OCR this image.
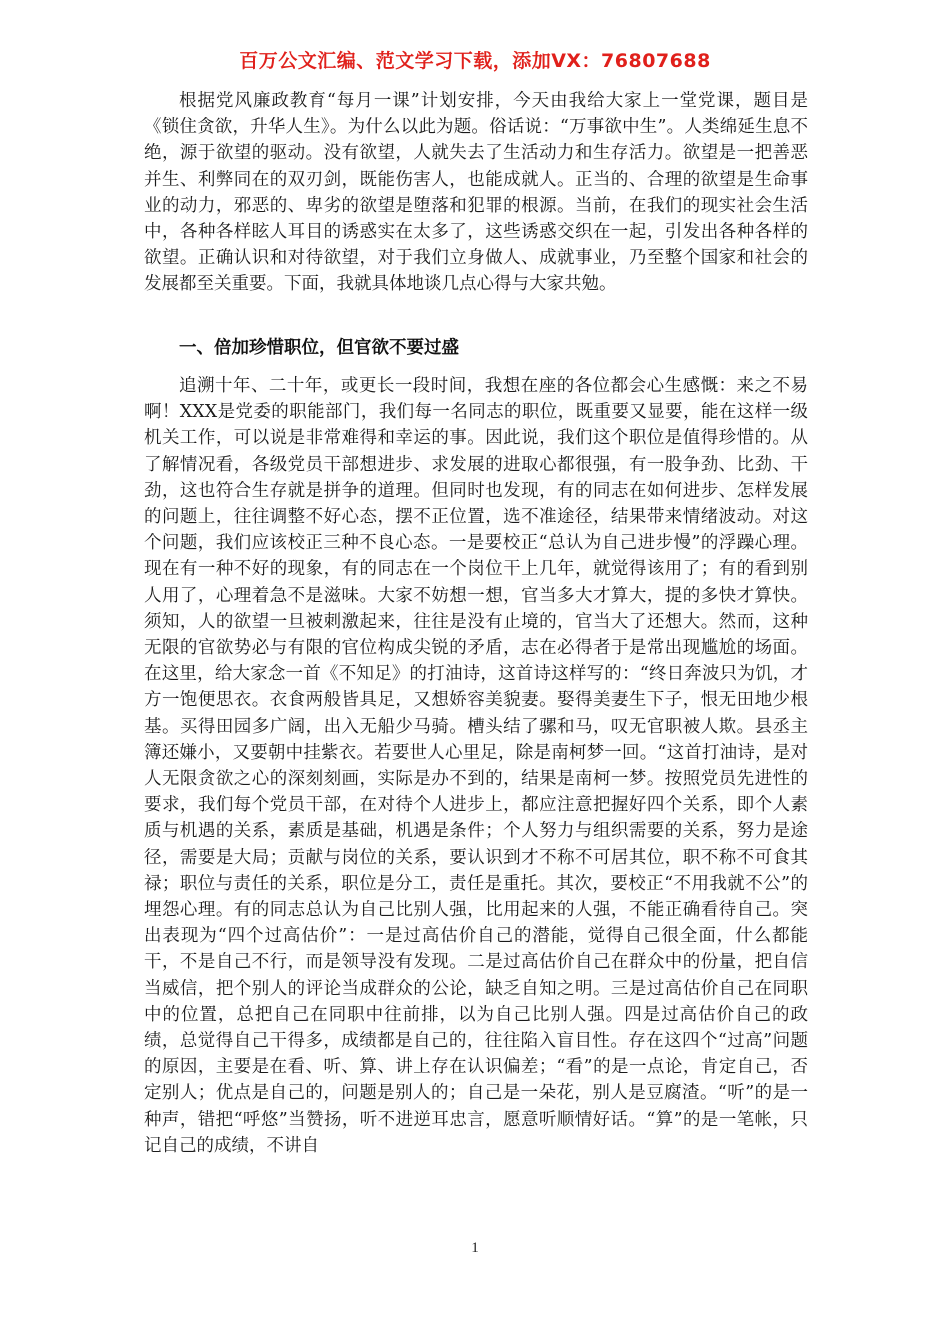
百万公文汇编、范文学习下载，添加VX：76807688

根据党风廉政教育“每月一课”计划安排，今天由我给大家上一堂党课，题目是《锁住贪欲，升华人生》。为什么以此为题。俗话说：“万事欲中生”。人类绵延生息不绝，源于欲望的驱动。没有欲望，人就失去了生活动力和生存活力。欲望是一把善恶并生、利弊同在的双刃剑，既能伤害人，也能成就人。正当的、合理的欲望是生命事业的动力，邪恶的、卑劣的欲望是堕落和犯罪的根源。当前，在我们的现实社会生活中，各种各样眩人耳目的诱惑实在太多了，这些诱惑交织在一起，引发出各种各样的欲望。正确认识和对待欲望，对于我们立身做人、成就事业，乃至整个国家和社会的发展都至关重要。下面，我就具体地谈几点心得与大家共勉。

一、倍加珍惜职位，但官欲不要过盛

追溯十年、二十年，或更长一段时间，我想在座的各位都会心生感慨：来之不易啊！XXX是党委的职能部门，我们每一名同志的职位，既重要又显要，能在这样一级机关工作，可以说是非常难得和幸运的事。因此说，我们这个职位是值得珍惜的。从了解情况看，各级党员干部想进步、求发展的进取心都很强，有一股争劲、比劲、干劲，这也符合生存就是拼争的道理。但同时也发现，有的同志在如何进步、怎样发展的问题上，往往调整不好心态，摆不正位置，选不准途径，结果带来情绪波动。对这个问题，我们应该校正三种不良心态。一是要校正“总认为自己进步慢”的浮躁心理。现在有一种不好的现象，有的同志在一个岗位干上几年，就觉得该用了；有的看到别人用了，心理着急不是滋味。大家不妨想一想，官当多大才算大，提的多快才算快。须知，人的欲望一旦被刺激起来，往往是没有止境的，官当大了还想大。然而，这种无限的官欲势必与有限的官位构成尖锐的矛盾，志在必得者于是常出现尴尬的场面。在这里，给大家念一首《不知足》的打油诗，这首诗这样写的：“终日奔波只为饥，才方一饱便思衣。衣食两般皆具足，又想娇容美貌妻。娶得美妻生下子，恨无田地少根基。买得田园多广阔，出入无船少马骑。槽头结了骡和马，叹无官职被人欺。县丞主簿还嫌小，又要朝中挂紫衣。若要世人心里足，除是南柯梦一回。“这首打油诗，是对人无限贪欲之心的深刻刻画，实际是办不到的，结果是南柯一梦。按照党员先进性的要求，我们每个党员干部，在对待个人进步上，都应注意把握好四个关系，即个人素质与机遇的关系，素质是基础，机遇是条件；个人努力与组织需要的关系，努力是途径，需要是大局；贡献与岗位的关系，要认识到才不称不可居其位，职不称不可食其禄；职位与责任的关系，职位是分工，责任是重托。其次，要校正“不用我就不公”的埋怨心理。有的同志总认为自己比别人强，比用起来的人强，不能正确看待自己。突出表现为“四个过高估价”：一是过高估价自己的潜能，觉得自己很全面，什么都能干，不是自己不行，而是领导没有发现。二是过高估价自己在群众中的份量，把自信当威信，把个别人的评论当成群众的公论，缺乏自知之明。三是过高估价自己在同职中的位置，总把自己在同职中往前排，以为自己比别人强。四是过高估价自己的政绩，总觉得自己干得多，成绩都是自己的，往往陷入盲目性。存在这四个“过高”问题的原因，主要是在看、听、算、讲上存在认识偏差；“看”的是一点论，肯定自己，否定别人；优点是自己的，问题是别人的；自己是一朵花，别人是豆腐渣。“听”的是一种声，错把“呼悠”当赞扬，听不进逆耳忠言，愿意听顺情好话。“算”的是一笔帐，只记自己的成绩，不讲自

1
